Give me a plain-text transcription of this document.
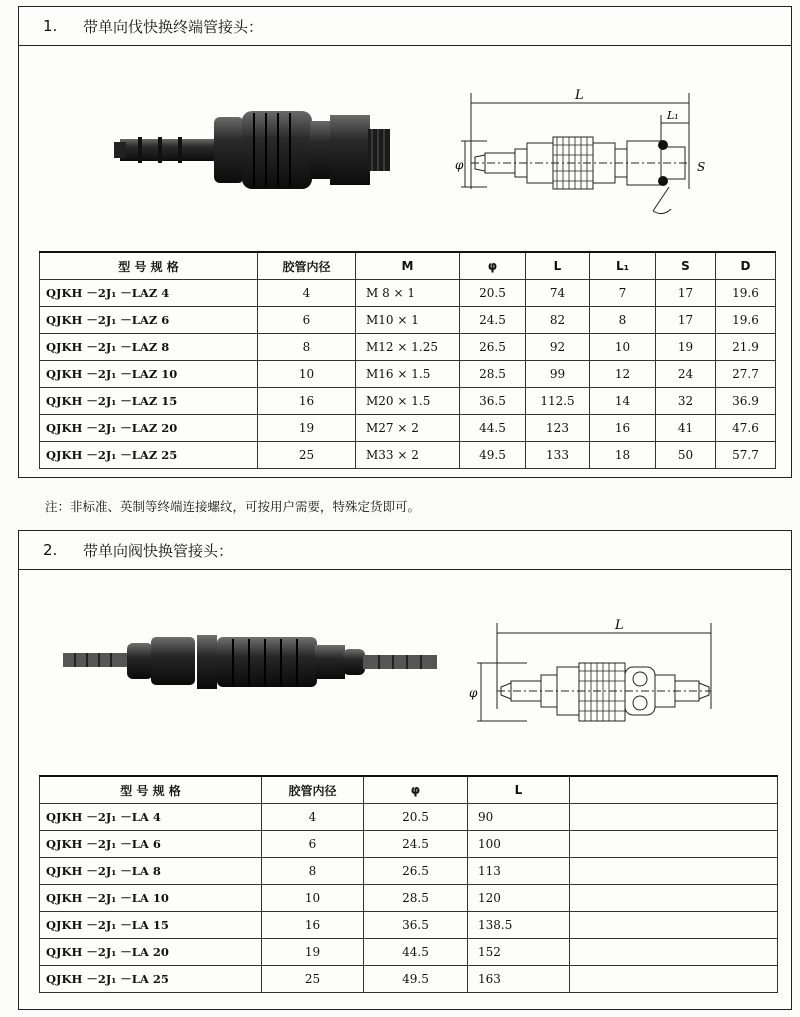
1.	带单向伐快换终端管接头：
L
L₁
φ	S
型 号 规 格	胶管内径	M	φ	L	L₁	S	D
QJKH －2J₁ －LAZ 4	4	M 8 × 1	20.5	74	7	17	19.6
QJKH －2J₁ －LAZ 6	6	M10 × 1	24.5	82	8	17	19.6
QJKH －2J₁ －LAZ 8	8	M12 × 1.25	26.5	92	10	19	21.9
QJKH －2J₁ －LAZ 10	10	M16 × 1.5	28.5	99	12	24	27.7
QJKH －2J₁ －LAZ 15	16	M20 × 1.5	36.5	112.5	14	32	36.9
QJKH －2J₁ －LAZ 20	19	M27 × 2	44.5	123	16	41	47.6
QJKH －2J₁ －LAZ 25	25	M33 × 2	49.5	133	18	50	57.7
注：非标准、英制等终端连接螺纹，可按用户需要，特殊定货即可。
2.	带单向阀快换管接头：
L
φ
型 号 规 格	胶管内径	φ	L	
QJKH －2J₁ －LA 4	4	20.5	90	
QJKH －2J₁ －LA 6	6	24.5	100	
QJKH －2J₁ －LA 8	8	26.5	113	
QJKH －2J₁ －LA 10	10	28.5	120	
QJKH －2J₁ －LA 15	16	36.5	138.5	
QJKH －2J₁ －LA 20	19	44.5	152	
QJKH －2J₁ －LA 25	25	49.5	163	
